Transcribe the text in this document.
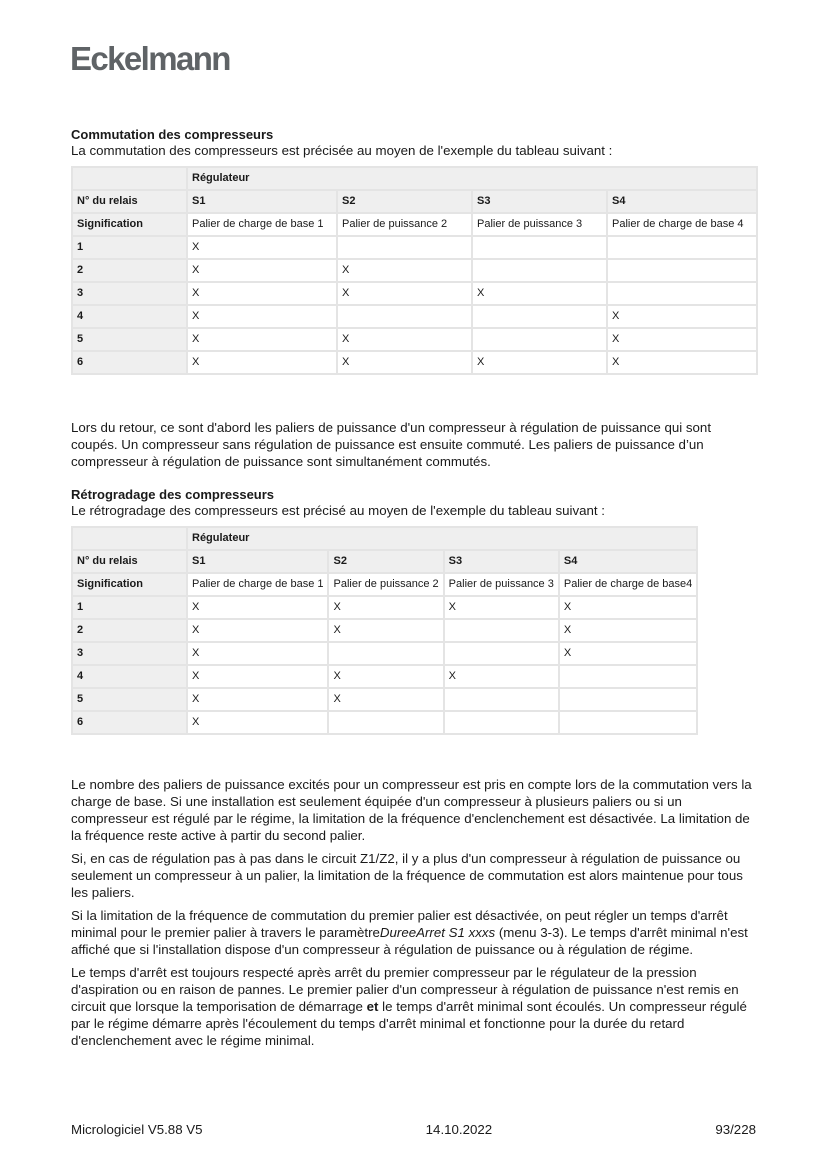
Eckelmann
Commutation des compresseurs
La commutation des compresseurs est précisée au moyen de l'exemple du tableau suivant :
	Régulateur			
N° du relais	S1	S2	S3	S4
Signification	Palier de charge de base 1	Palier de puissance 2	Palier de puissance 3	Palier de charge de base 4
1	X			
2	X	X		
3	X	X	X	
4	X			X
5	X	X		X
6	X	X	X	X

Lors du retour, ce sont d'abord les paliers de puissance d'un compresseur à régulation de puissance qui sont coupés. Un compresseur sans régulation de puissance est ensuite commuté. Les paliers de puissance d’un compresseur à régulation de puissance sont simultanément commutés.

Rétrogradage des compresseurs
Le rétrogradage des compresseurs est précisé au moyen de l'exemple du tableau suivant :
	Régulateur			
N° du relais	S1	S2	S3	S4
Signification	Palier de charge de base 1	Palier de puissance 2	Palier de puissance 3	Palier de charge de base4
1	X	X	X	X
2	X	X		X
3	X			X
4	X	X	X	
5	X	X		
6	X			

Le nombre des paliers de puissance excités pour un compresseur est pris en compte lors de la commutation vers la charge de base. Si une installation est seulement équipée d'un compresseur à plusieurs paliers ou si un compresseur est régulé par le régime, la limitation de la fréquence d'enclenchement est désactivée. La limitation de la fréquence reste active à partir du second palier.

Si, en cas de régulation pas à pas dans le circuit Z1/Z2, il y a plus d'un compresseur à régulation de puissance ou seulement un compresseur à un palier, la limitation de la fréquence de commutation est alors maintenue pour tous les paliers.

Si la limitation de la fréquence de commutation du premier palier est désactivée, on peut régler un temps d'arrêt minimal pour le premier palier à travers le paramètreDureeArret S1 xxxs (menu 3-3). Le temps d'arrêt minimal n'est affiché que si l'installation dispose d'un compresseur à régulation de puissance ou à régulation de régime.

Le temps d'arrêt est toujours respecté après arrêt du premier compresseur par le régulateur de la pression d'aspiration ou en raison de pannes. Le premier palier d'un compresseur à régulation de puissance n'est remis en circuit que lorsque la temporisation de démarrage et le temps d'arrêt minimal sont écoulés. Un compresseur régulé par le régime démarre après l'écoulement du temps d'arrêt minimal et fonctionne pour la durée du retard d'enclenchement avec le régime minimal.

Micrologiciel V5.88 V5	14.10.2022	93/228
